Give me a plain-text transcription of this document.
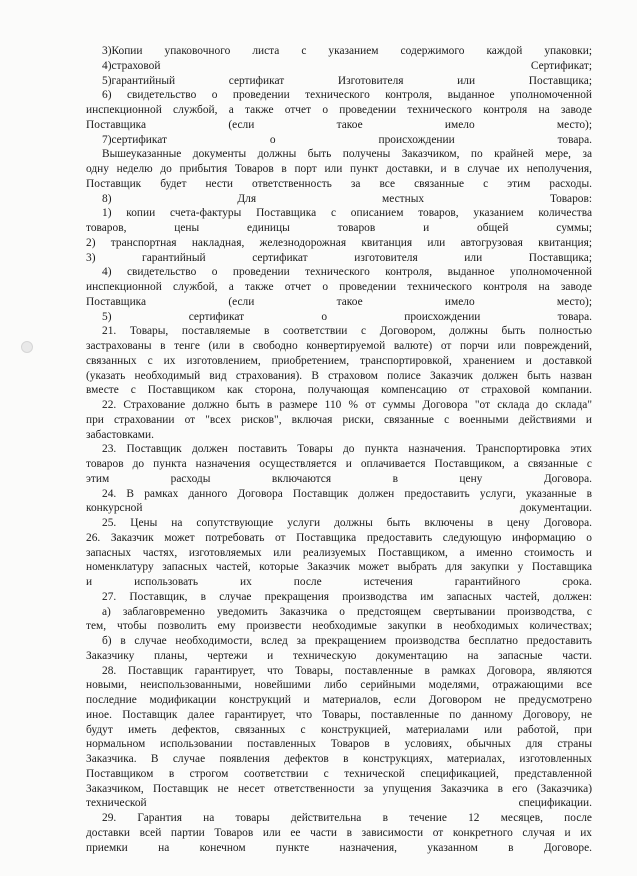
3)Копии упаковочного листа с указанием содержимого каждой упаковки;
4)страховой Сертификат;
5)гарантийный сертификат Изготовителя или Поставщика;
6) свидетельство о проведении технического контроля, выданное уполномоченной
инспекционной службой, а также отчет о проведении технического контроля на заводе
Поставщика (если такое имело место);
7)сертификат о происхождении товара.
Вышеуказанные документы должны быть получены Заказчиком, по крайней мере, за
одну неделю до прибытия Товаров в порт или пункт доставки, и в случае их неполучения,
Поставщик будет нести ответственность за все связанные с этим расходы.
8) Для местных Товаров:
1) копии счета-фактуры Поставщика с описанием товаров, указанием количества
товаров, цены единицы товаров и общей суммы;
2) транспортная накладная, железнодорожная квитанция или автогрузовая квитанция;
3) гарантийный сертификат изготовителя или Поставщика;
4) свидетельство о проведении технического контроля, выданное уполномоченной
инспекционной службой, а также отчет о проведении технического контроля на заводе
Поставщика (если такое имело место);
5) сертификат о происхождении товара.
21. Товары, поставляемые в соответствии с Договором, должны быть полностью
застрахованы в тенге (или в свободно конвертируемой валюте) от порчи или повреждений,
связанных с их изготовлением, приобретением, транспортировкой, хранением и доставкой
(указать необходимый вид страхования). В страховом полисе Заказчик должен быть назван
вместе с Поставщиком как сторона, получающая компенсацию от страховой компании.
22. Страхование должно быть в размере 110 % от суммы Договора "от склада до склада"
при страховании от "всех рисков", включая риски, связанные с военными действиями и
забастовками.
23. Поставщик должен поставить Товары до пункта назначения. Транспортировка этих
товаров до пункта назначения осуществляется и оплачивается Поставщиком, а связанные с
этим расходы включаются в цену Договора.
24. В рамках данного Договора Поставщик должен предоставить услуги, указанные в
конкурсной документации.
25. Цены на сопутствующие услуги должны быть включены в цену Договора.
26. Заказчик может потребовать от Поставщика предоставить следующую информацию о
запасных частях, изготовляемых или реализуемых Поставщиком, а именно стоимость и
номенклатуру запасных частей, которые Заказчик может выбрать для закупки у Поставщика
и использовать их после истечения гарантийного срока.
27. Поставщик, в случае прекращения производства им запасных частей, должен:
а) заблаговременно уведомить Заказчика о предстоящем свертывании производства, с
тем, чтобы позволить ему произвести необходимые закупки в необходимых количествах;
б) в случае необходимости, вслед за прекращением производства бесплатно предоставить
Заказчику планы, чертежи и техническую документацию на запасные части.
28. Поставщик гарантирует, что Товары, поставленные в рамках Договора, являются
новыми, неиспользованными, новейшими либо серийными моделями, отражающими все
последние модификации конструкций и материалов, если Договором не предусмотрено
иное. Поставщик далее гарантирует, что Товары, поставленные по данному Договору, не
будут иметь дефектов, связанных с конструкцией, материалами или работой, при
нормальном использовании поставленных Товаров в условиях, обычных для страны
Заказчика. В случае появления дефектов в конструкциях, материалах, изготовленных
Поставщиком в строгом соответствии с технической спецификацией, представленной
Заказчиком, Поставщик не несет ответственности за упущения Заказчика в его (Заказчика)
технической спецификации.
29. Гарантия на товары действительна в течение 12 месяцев, после
доставки всей партии Товаров или ее части в зависимости от конкретного случая и их
приемки на конечном пункте назначения, указанном в Договоре.
